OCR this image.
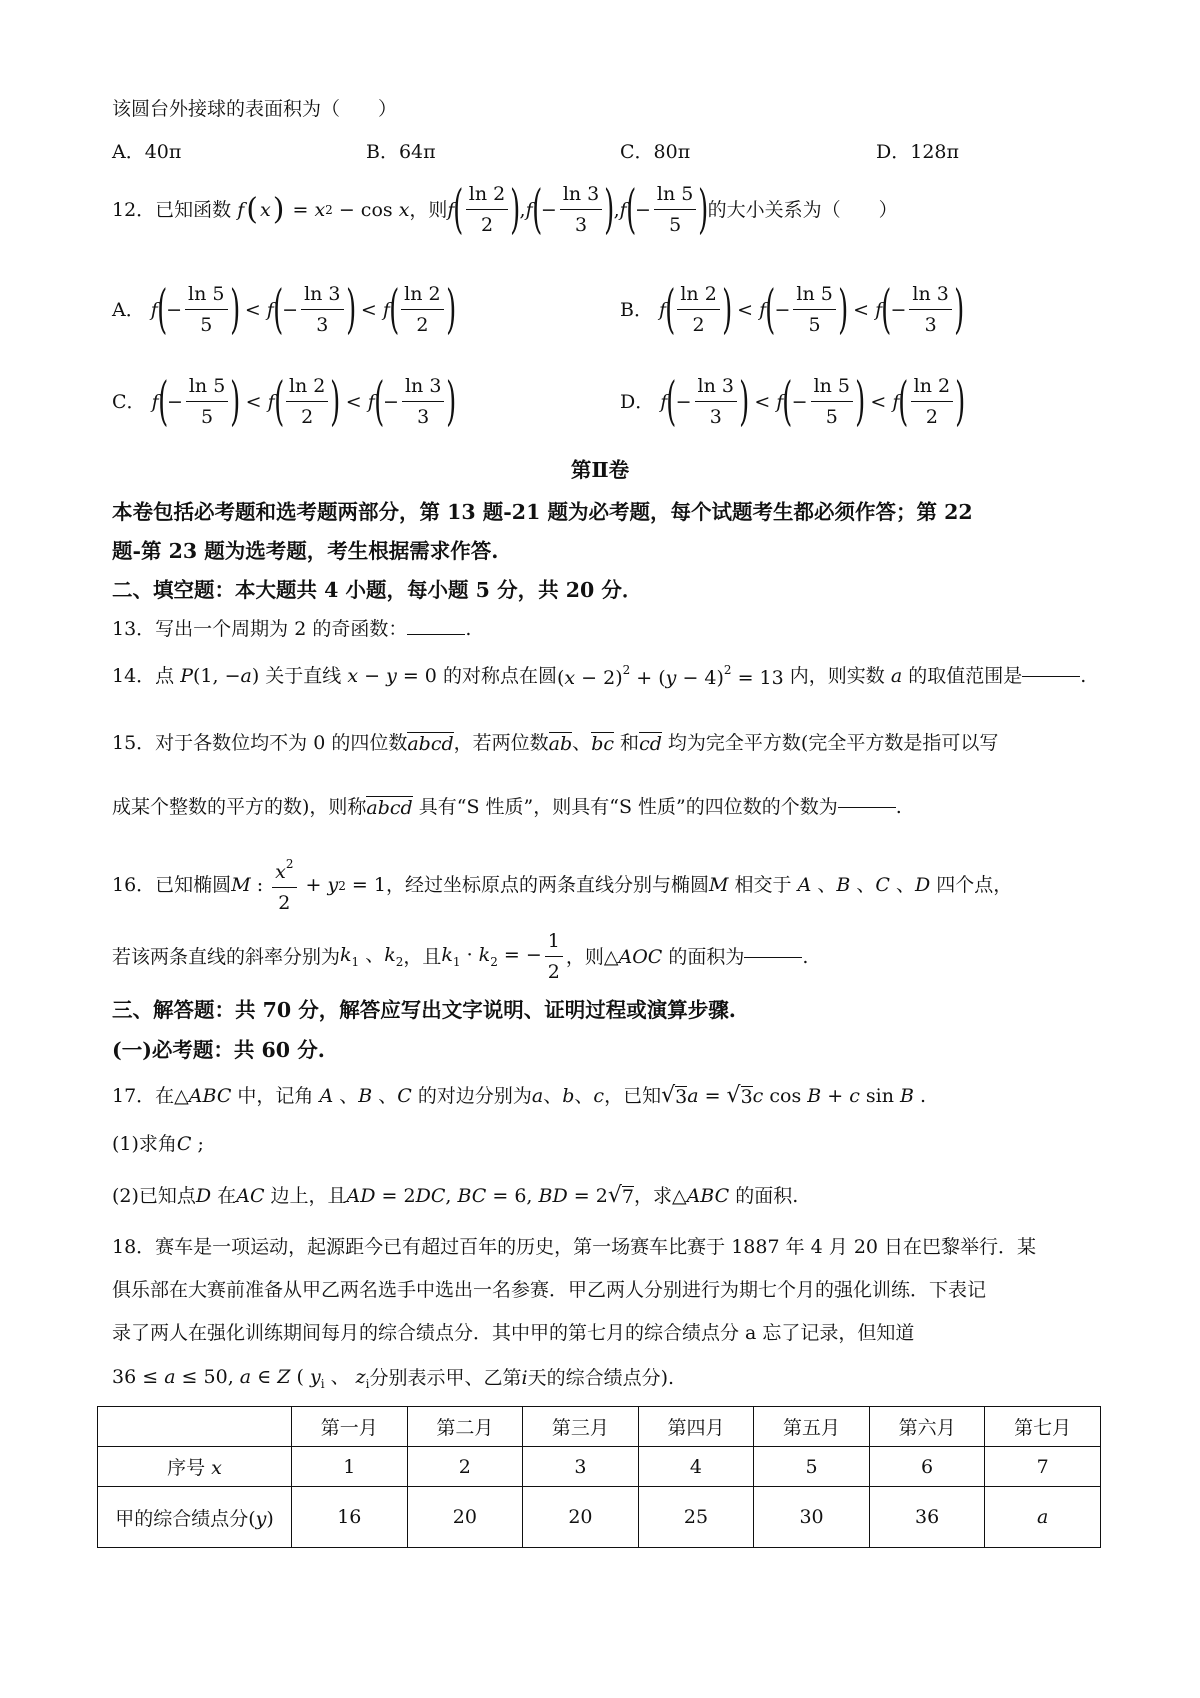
该圆台外接球的表面积为（　　）
A．40π	B．64π	C．80π	D．128π
12．已知函数
f ( x ) = x 2 − cos x ，则 f ( $\frac{\ln 2}{2}$ ) , f ( − $\frac{\ln 3}{3}$ ) , f ( − $\frac{\ln 5}{5}$ ) 的大小关系为（　　）
A．
f ( − $\frac{\ln 5}{5}$ ) < f ( − $\frac{\ln 3}{3}$ ) < f ( $\frac{\ln 2}{2}$ )	B．
f ( $\frac{\ln 2}{2}$ ) < f ( − $\frac{\ln 5}{5}$ ) < f ( − $\frac{\ln 3}{3}$ )
C．
f ( − $\frac{\ln 5}{5}$ ) < f ( $\frac{\ln 2}{2}$ ) < f ( − $\frac{\ln 3}{3}$ )	D．
f ( − $\frac{\ln 3}{3}$ ) < f ( − $\frac{\ln 5}{5}$ ) < f ( $\frac{\ln 2}{2}$ )
第Ⅱ卷
本卷包括必考题和选考题两部分，第 13 题-21 题为必考题，每个试题考生都必须作答；第 22
题-第 23 题为选考题，考生根据需求作答.
二、填空题：本大题共 4 小题，每小题 5 分，共 20 分．
13．写出一个周期为 2 的奇函数：	.
14．点 P (1, − a ) 关于直线 x − y = 0 的对称点在圆 $(x - 2)^2 + (y - 4)^2 = 13$ 内，则实数 a 的取值范围是	.
15．对于各数位均不为 0 的四位数 abcd ，若两位数 ab 、 bc
和 cd
均为完全平方数(完全平方数是指可以写
成某个整数的平方的数)，则称 abcd
具有“S 性质”，则具有“S 性质”的四位数的个数为	.
16．已知椭圆 M : $\frac{x^2}{2} + y$ 2 = 1 ，经过坐标原点的两条直线分别与椭圆 M
相交于 A 、B 、C 、D 四个点，
若该两条直线的斜率分别为 $k_1$ 、$k_2$ ，且 $k_1 \cdot k_2$ = − $\frac{1}{2}$ ，则△ AOC
的面积为	.
三、解答题：共 70 分，解答应写出文字说明、证明过程或演算步骤.
(一)必考题：共 60 分.
17．在△ ABC
中，记角 A 、B 、C 的对边分别为 a 、 b 、 c ，已知 √ 3 a = √ 3 c cos B + c sin B .
(1)求角 C ;
(2)已知点 D
在 AC
边上，且 AD = 2DC, BC = 6, BD = 2 √ 7 ，求△ ABC
的面积.
18．赛车是一项运动，起源距今已有超过百年的历史，第一场赛车比赛于 1887 年 4 月 20 日在巴黎举行．某
俱乐部在大赛前准备从甲乙两名选手中选出一名参赛．甲乙两人分别进行为期七个月的强化训练．下表记
录了两人在强化训练期间每月的综合绩点分．其中甲的第七月的综合绩点分 a 忘了记录，但知道
36 ≤ a ≤ 50, a ∈ Z ( $y_i$ 、 $z_i$ 分别表示甲、乙第 i 天的综合绩点分).
	第一月	第二月	第三月	第四月	第五月	第六月	第七月
序号 x	1	2	3	4	5	6	7
甲的综合绩点分(y)	16	20	20	25	30	36	a
